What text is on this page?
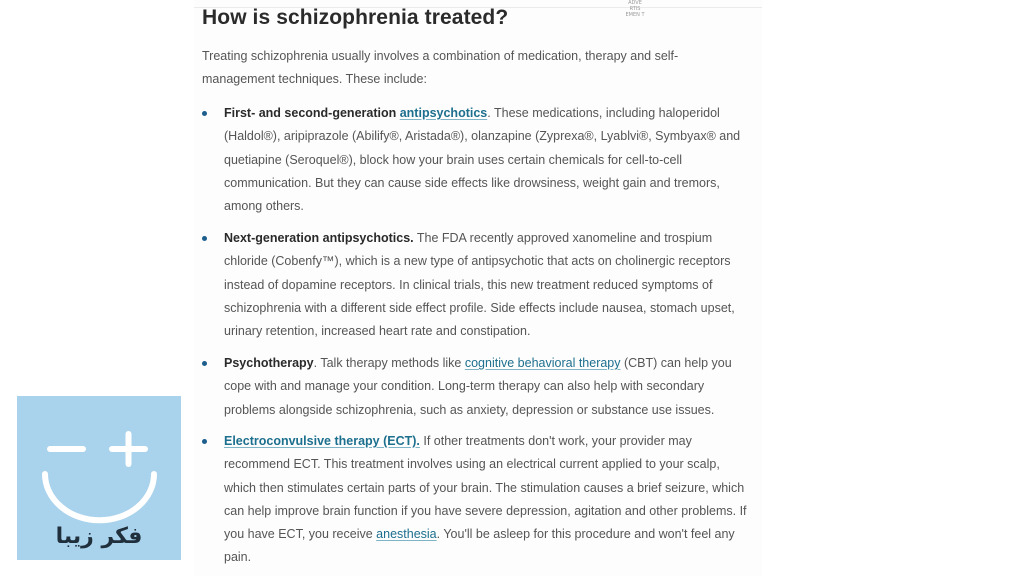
ADVE RTIS EMEN T
How is schizophrenia treated?

Treating schizophrenia usually involves a combination of medication, therapy and self-management techniques. These include:

First- and second-generation antipsychotics. These medications, including haloperidol (Haldol®), aripiprazole (Abilify®, Aristada®), olanzapine (Zyprexa®, Lyablvi®, Symbyax® and quetiapine (Seroquel®), block how your brain uses certain chemicals for cell-to-cell communication. But they can cause side effects like drowsiness, weight gain and tremors, among others.
Next-generation antipsychotics. The FDA recently approved xanomeline and trospium chloride (Cobenfy™), which is a new type of antipsychotic that acts on cholinergic receptors instead of dopamine receptors. In clinical trials, this new treatment reduced symptoms of schizophrenia with a different side effect profile. Side effects include nausea, stomach upset, urinary retention, increased heart rate and constipation.
Psychotherapy. Talk therapy methods like cognitive behavioral therapy (CBT) can help you cope with and manage your condition. Long-term therapy can also help with secondary problems alongside schizophrenia, such as anxiety, depression or substance use issues.
Electroconvulsive therapy (ECT). If other treatments don't work, your provider may recommend ECT. This treatment involves using an electrical current applied to your scalp, which then stimulates certain parts of your brain. The stimulation causes a brief seizure, which can help improve brain function if you have severe depression, agitation and other problems. If you have ECT, you receive anesthesia. You'll be asleep for this procedure and won't feel any pain.
فکر زیبا
